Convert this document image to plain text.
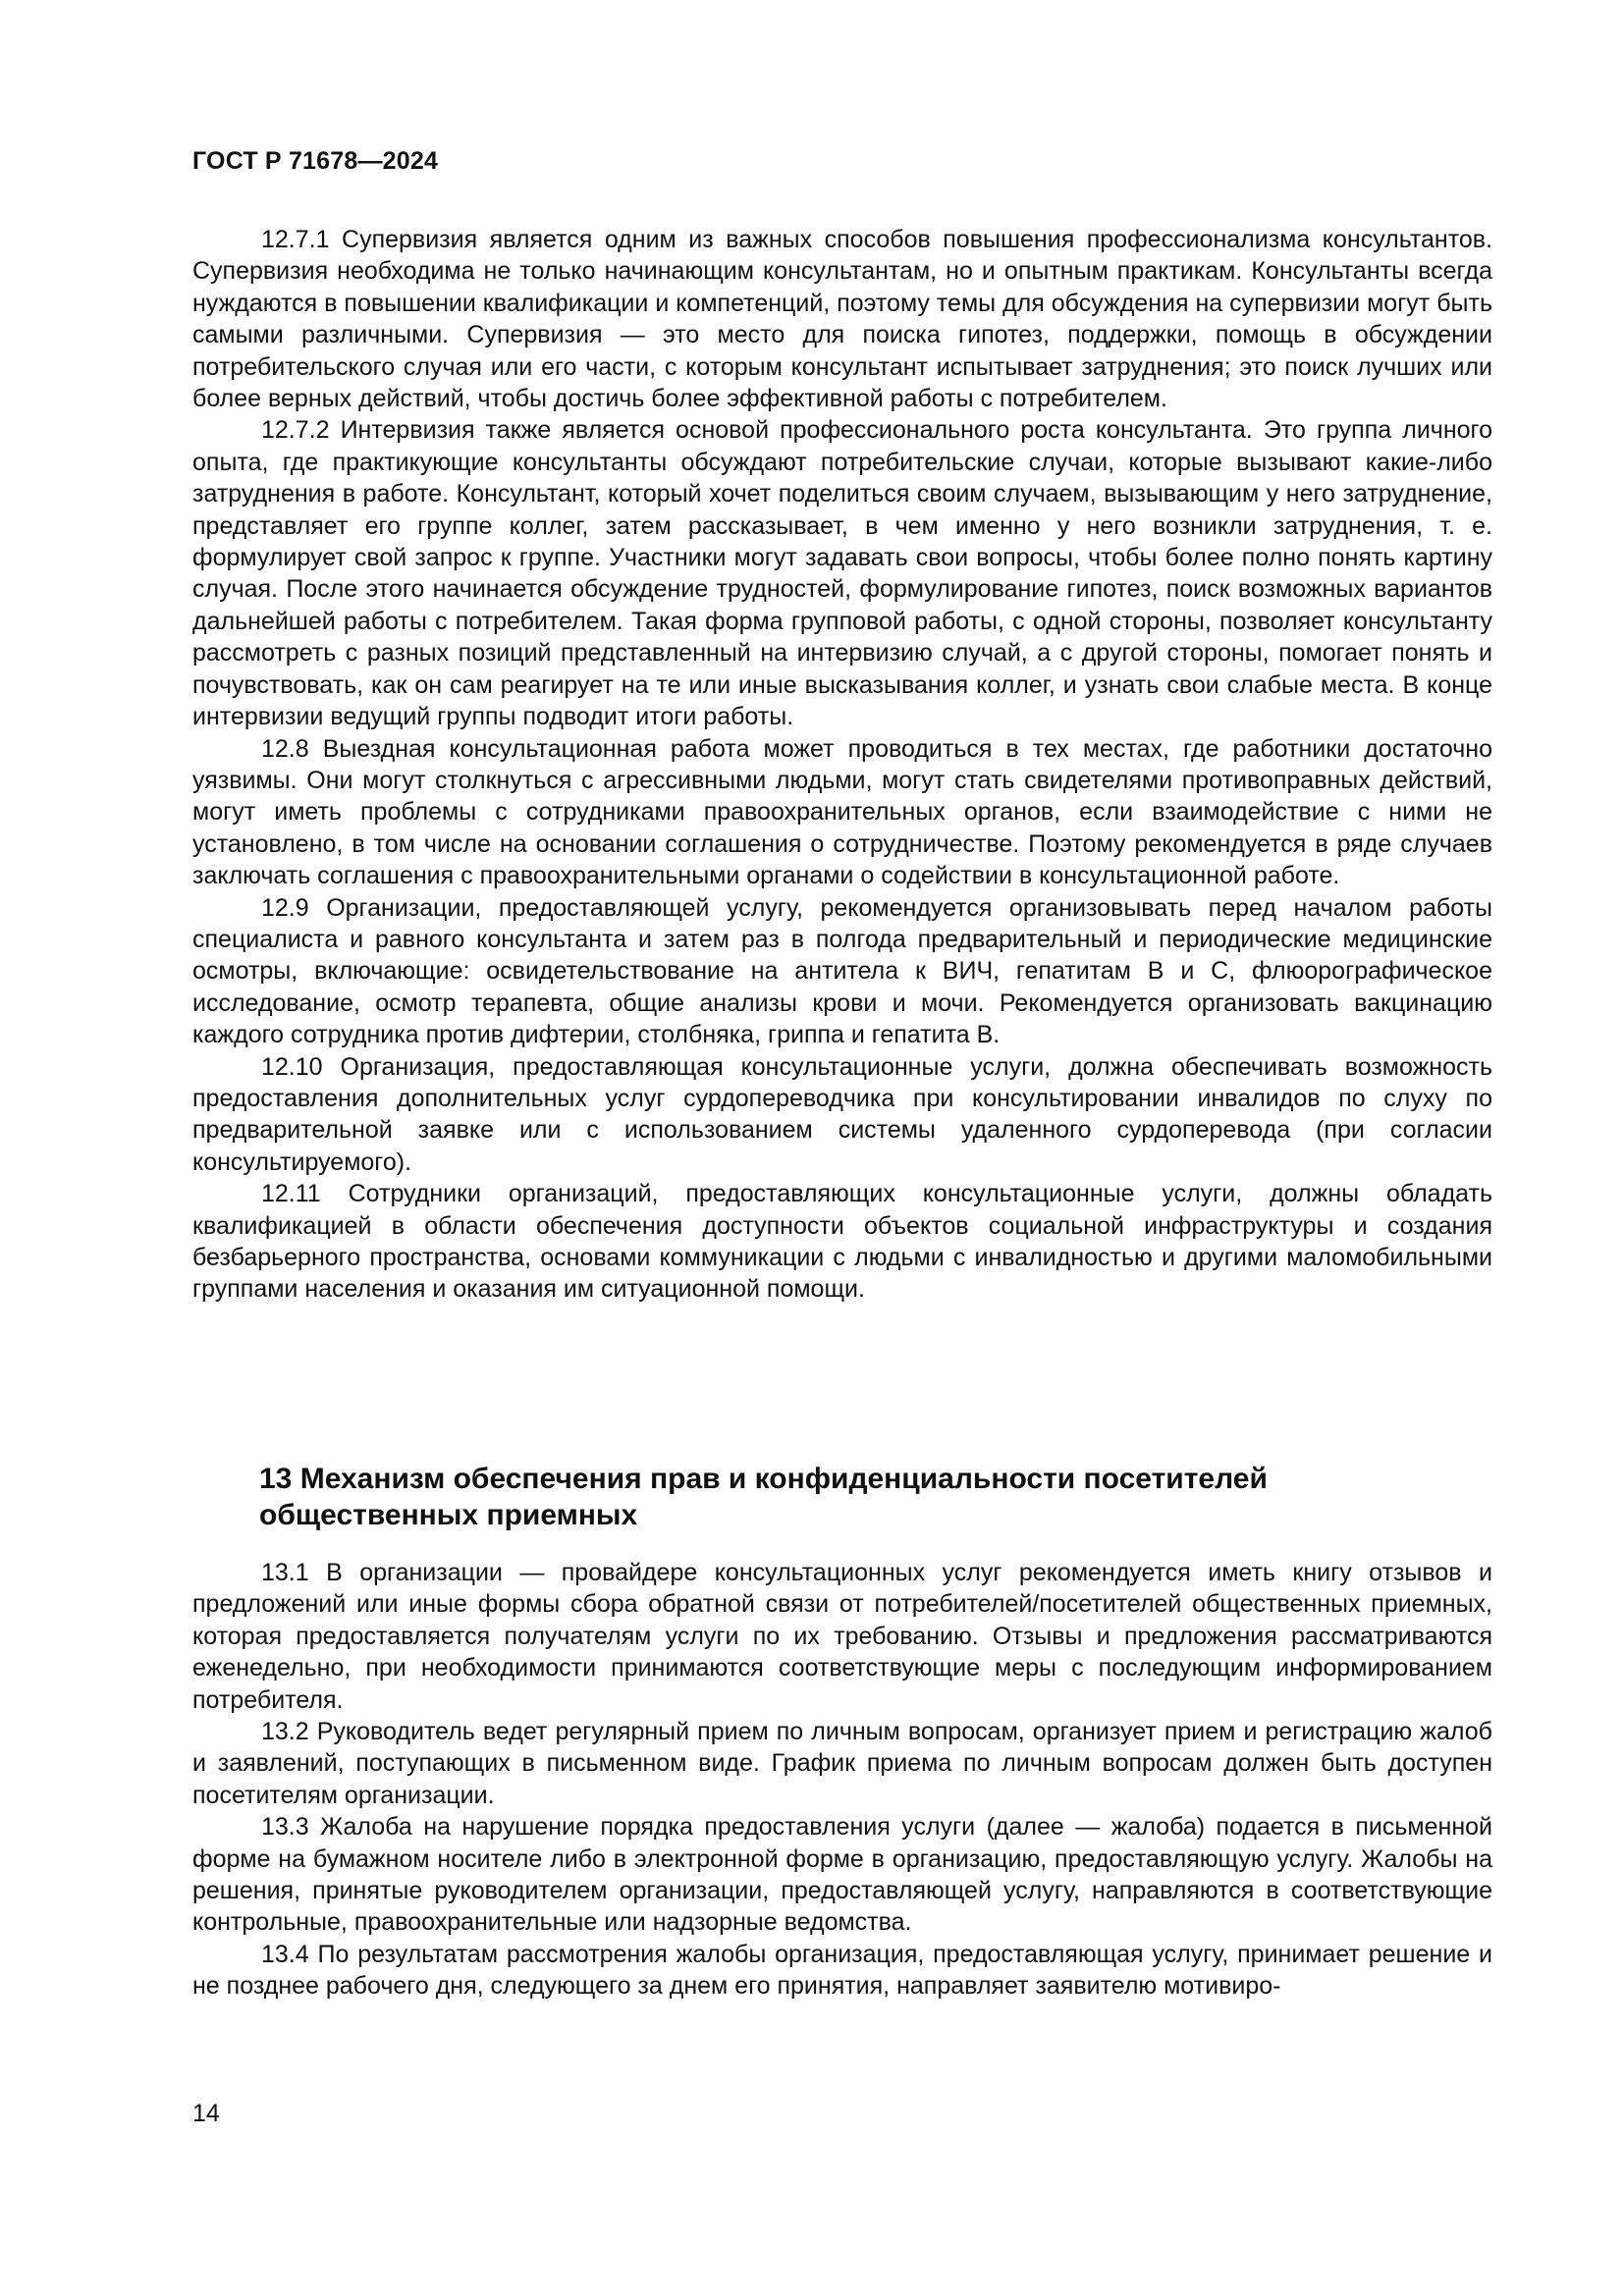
ГОСТ Р 71678—2024

12.7.1 Супервизия является одним из важных способов повышения профессионализма консультантов. Супервизия необходима не только начинающим консультантам, но и опытным практикам. Консультанты всегда нуждаются в повышении квалификации и компетенций, поэтому темы для обсуждения на супервизии могут быть самыми различными. Супервизия — это место для поиска гипотез, поддержки, помощь в обсуждении потребительского случая или его части, с которым консультант испытывает затруднения; это поиск лучших или более верных действий, чтобы достичь более эффективной работы с потребителем.

12.7.2 Интервизия также является основой профессионального роста консультанта. Это группа личного опыта, где практикующие консультанты обсуждают потребительские случаи, которые вызывают какие-либо затруднения в работе. Консультант, который хочет поделиться своим случаем, вызывающим у него затруднение, представляет его группе коллег, затем рассказывает, в чем именно у него возникли затруднения, т. е. формулирует свой запрос к группе. Участники могут задавать свои вопросы, чтобы более полно понять картину случая. После этого начинается обсуждение трудностей, формулирование гипотез, поиск возможных вариантов дальнейшей работы с потребителем. Такая форма групповой работы, с одной стороны, позволяет консультанту рассмотреть с разных позиций представленный на интервизию случай, а с другой стороны, помогает понять и почувствовать, как он сам реагирует на те или иные высказывания коллег, и узнать свои слабые места. В конце интервизии ведущий группы подводит итоги работы.

12.8 Выездная консультационная работа может проводиться в тех местах, где работники достаточно уязвимы. Они могут столкнуться с агрессивными людьми, могут стать свидетелями противоправных действий, могут иметь проблемы с сотрудниками правоохранительных органов, если взаимодействие с ними не установлено, в том числе на основании соглашения о сотрудничестве. Поэтому рекомендуется в ряде случаев заключать соглашения с правоохранительными органами о содействии в консультационной работе.

12.9 Организации, предоставляющей услугу, рекомендуется организовывать перед началом работы специалиста и равного консультанта и затем раз в полгода предварительный и периодические медицинские осмотры, включающие: освидетельствование на антитела к ВИЧ, гепатитам В и С, флюорографическое исследование, осмотр терапевта, общие анализы крови и мочи. Рекомендуется организовать вакцинацию каждого сотрудника против дифтерии, столбняка, гриппа и гепатита В.

12.10 Организация, предоставляющая консультационные услуги, должна обеспечивать возможность предоставления дополнительных услуг сурдопереводчика при консультировании инвалидов по слуху по предварительной заявке или с использованием системы удаленного сурдоперевода (при согласии консультируемого).

12.11 Сотрудники организаций, предоставляющих консультационные услуги, должны обладать квалификацией в области обеспечения доступности объектов социальной инфраструктуры и создания безбарьерного пространства, основами коммуникации с людьми с инвалидностью и другими маломобильными группами населения и оказания им ситуационной помощи.

13 Механизм обеспечения прав и конфиденциальности посетителей общественных приемных

13.1 В организации — провайдере консультационных услуг рекомендуется иметь книгу отзывов и предложений или иные формы сбора обратной связи от потребителей/посетителей общественных приемных, которая предоставляется получателям услуги по их требованию. Отзывы и предложения рассматриваются еженедельно, при необходимости принимаются соответствующие меры с последующим информированием потребителя.

13.2 Руководитель ведет регулярный прием по личным вопросам, организует прием и регистрацию жалоб и заявлений, поступающих в письменном виде. График приема по личным вопросам должен быть доступен посетителям организации.

13.3 Жалоба на нарушение порядка предоставления услуги (далее — жалоба) подается в письменной форме на бумажном носителе либо в электронной форме в организацию, предоставляющую услугу. Жалобы на решения, принятые руководителем организации, предоставляющей услугу, направляются в соответствующие контрольные, правоохранительные или надзорные ведомства.

13.4 По результатам рассмотрения жалобы организация, предоставляющая услугу, принимает решение и не позднее рабочего дня, следующего за днем его принятия, направляет заявителю мотивиро-

14
